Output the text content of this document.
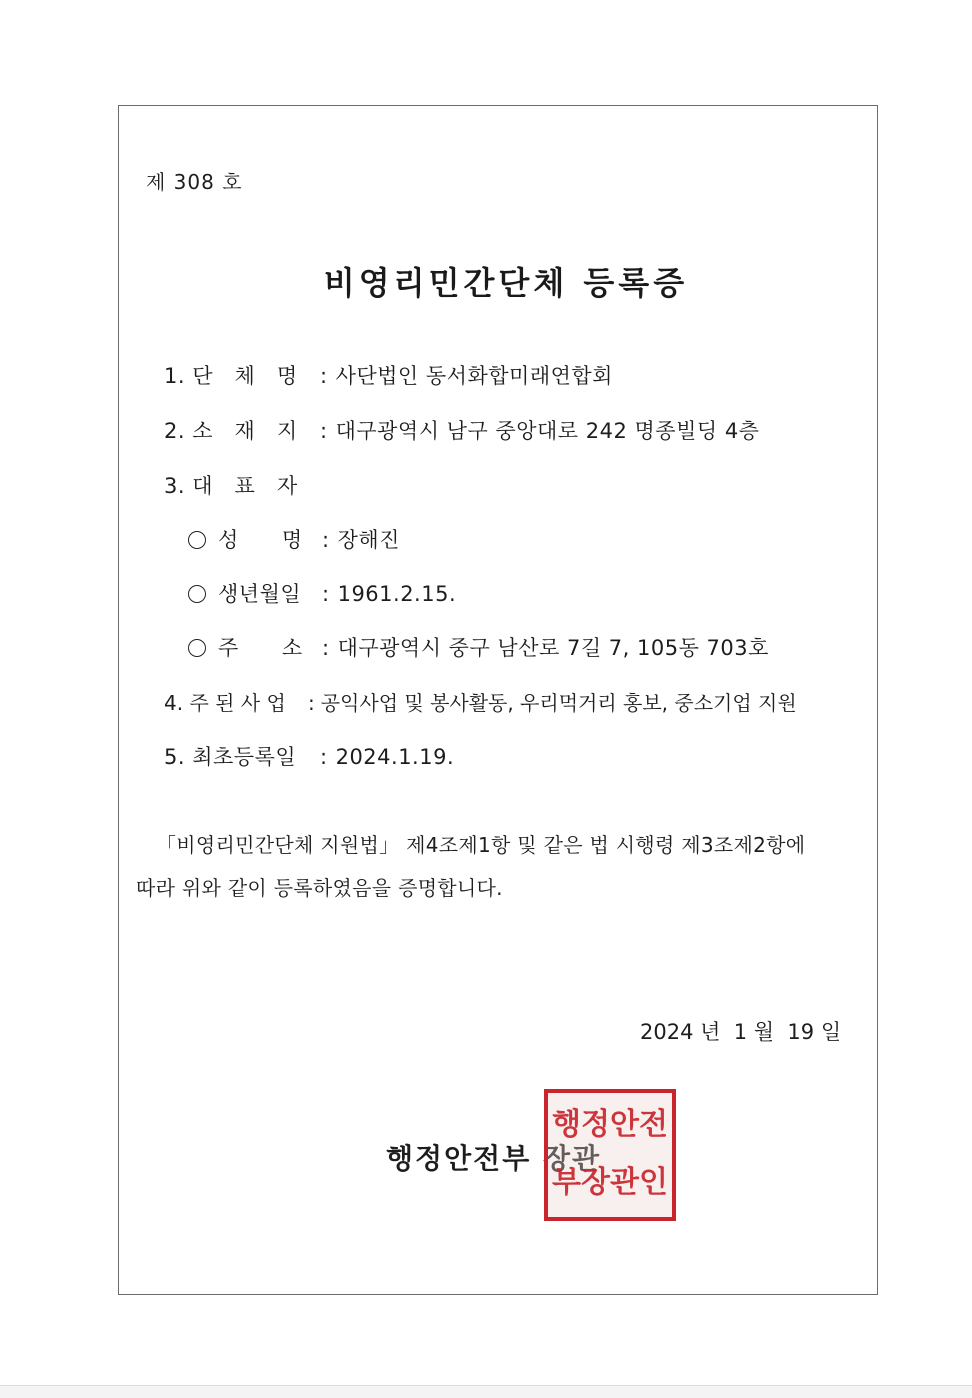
제 308 호
비영리민간단체 등록증
1. 단   체   명 : 사단법인 동서화합미래연합회
2. 소   재   지 : 대구광역시 남구 중앙대로 242 명종빌딩 4층
3. 대   표   자
성      명 : 장해진
생년월일 : 1961.2.15.
주      소 : 대구광역시 중구 남산로 7길 7, 105동 703호
4. 주 된 사 업 : 공익사업 및 봉사활동, 우리먹거리 홍보, 중소기업 지원
5. 최초등록일 : 2024.1.19.
「비영리민간단체 지원법」 제4조제1항 및 같은 법 시행령 제3조제2항에
따라 위와 같이 등록하였음을 증명합니다.
2024 년  1 월  19 일
행정안전부 장관
행정 안전
부장 관인
